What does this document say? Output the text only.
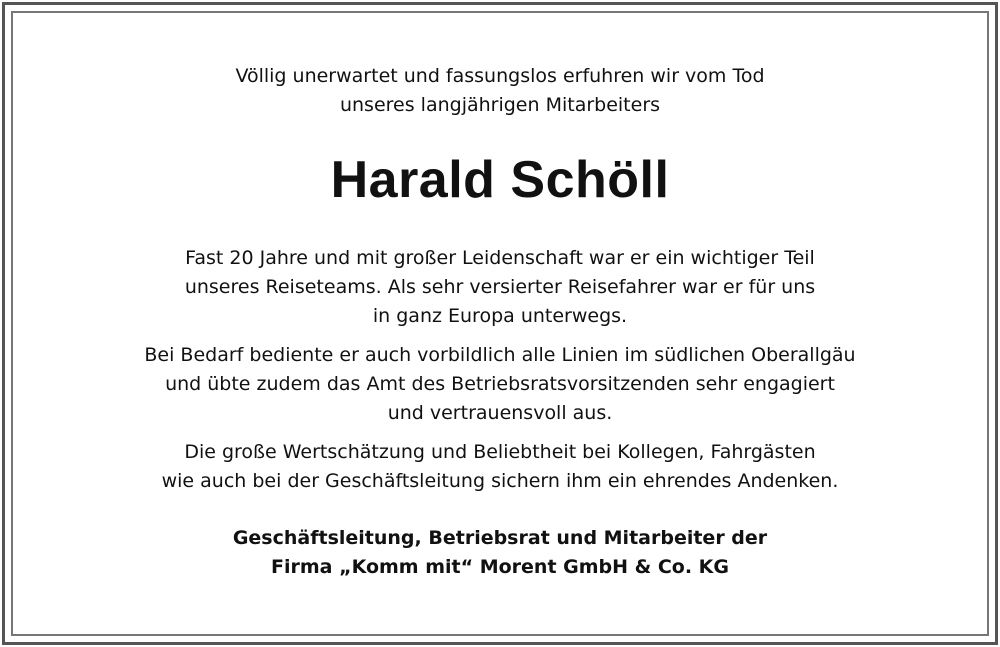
Völlig unerwartet und fassungslos erfuhren wir vom Tod
unseres langjährigen Mitarbeiters
Harald Schöll
Fast 20 Jahre und mit großer Leidenschaft war er ein wichtiger Teil
unseres Reiseteams. Als sehr versierter Reisefahrer war er für uns
in ganz Europa unterwegs.
Bei Bedarf bediente er auch vorbildlich alle Linien im südlichen Oberallgäu
und übte zudem das Amt des Betriebsratsvorsitzenden sehr engagiert
und vertrauensvoll aus.
Die große Wertschätzung und Beliebtheit bei Kollegen, Fahrgästen
wie auch bei der Geschäftsleitung sichern ihm ein ehrendes Andenken.
Geschäftsleitung, Betriebsrat und Mitarbeiter der
Firma „Komm mit“ Morent GmbH & Co. KG
